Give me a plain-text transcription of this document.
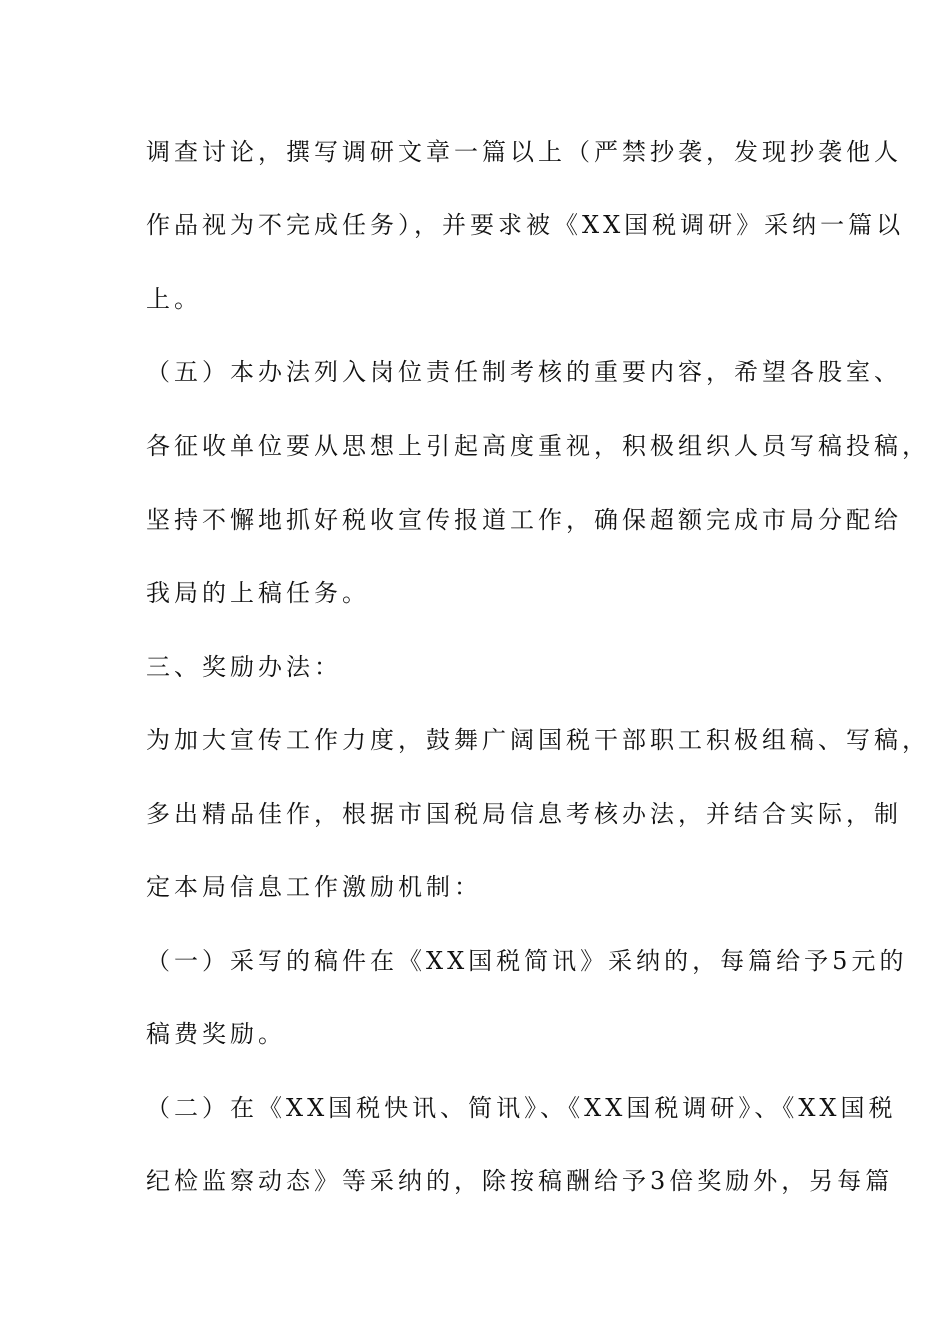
调查讨论，撰写调研文章一篇以上（严禁抄袭，发现抄袭他人
作品视为不完成任务），并要求被《XX国税调研》采纳一篇以
上。
（五）本办法列入岗位责任制考核的重要内容，希望各股室、
各征收单位要从思想上引起高度重视，积极组织人员写稿投稿，
坚持不懈地抓好税收宣传报道工作，确保超额完成市局分配给
我局的上稿任务。
三、奖励办法：
为加大宣传工作力度，鼓舞广阔国税干部职工积极组稿、写稿，
多出精品佳作，根据市国税局信息考核办法，并结合实际，制
定本局信息工作激励机制：
（一）采写的稿件在《XX国税简讯》采纳的，每篇给予5元的
稿费奖励。
（二）在《XX国税快讯、简讯》、《XX国税调研》、《XX国税
纪检监察动态》等采纳的，除按稿酬给予3倍奖励外，另每篇
